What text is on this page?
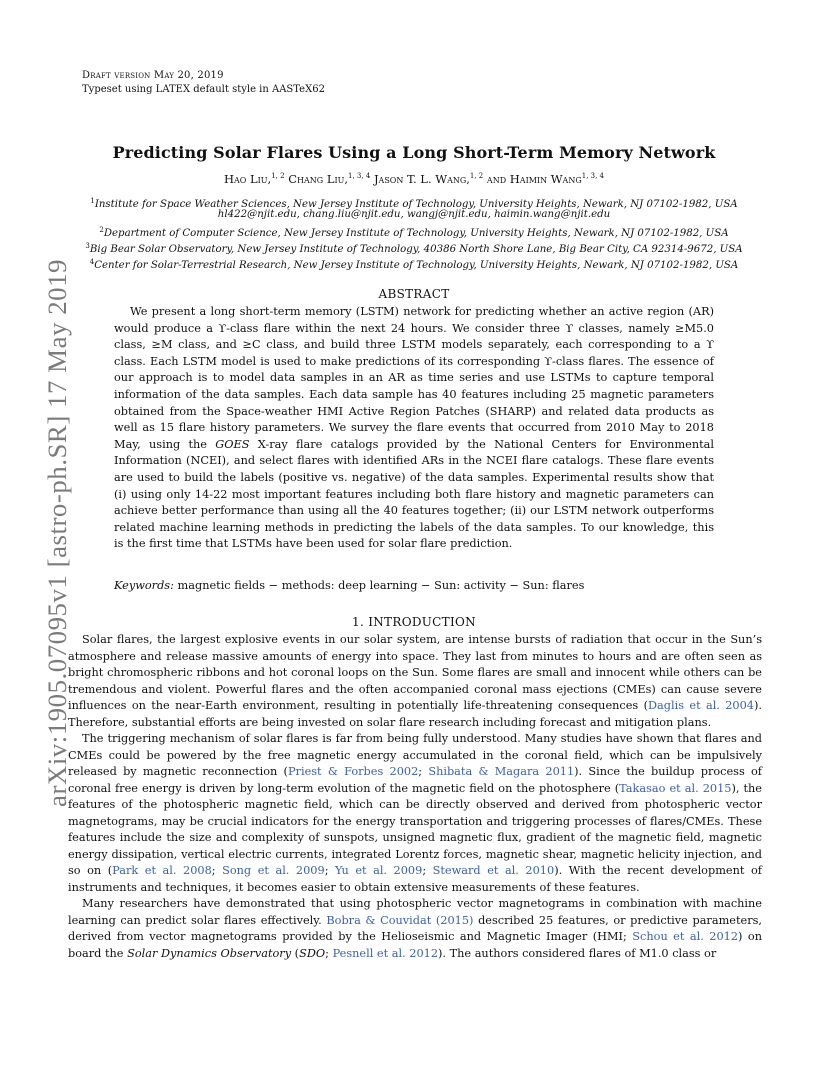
Draft version May 20, 2019
Typeset using LATEX default style in AASTeX62
arXiv:1905.07095v1 [astro-ph.SR] 17 May 2019
Predicting Solar Flares Using a Long Short-Term Memory Network
Hao Liu,$^{1, 2}$ Chang Liu,$^{1, 3, 4}$ Jason T. L. Wang,$^{1, 2}$ and Haimin Wang$^{1, 3, 4}$
$^1$Institute for Space Weather Sciences, New Jersey Institute of Technology, University Heights, Newark, NJ 07102-1982, USA
hl422@njit.edu, chang.liu@njit.edu, wangj@njit.edu, haimin.wang@njit.edu
$^2$Department of Computer Science, New Jersey Institute of Technology, University Heights, Newark, NJ 07102-1982, USA
$^3$Big Bear Solar Observatory, New Jersey Institute of Technology, 40386 North Shore Lane, Big Bear City, CA 92314-9672, USA
$^4$Center for Solar-Terrestrial Research, New Jersey Institute of Technology, University Heights, Newark, NJ 07102-1982, USA
ABSTRACT
We present a long short-term memory (LSTM) network for predicting whether an active region (AR) would produce a ϒ-class flare within the next 24 hours. We consider three ϒ classes, namely ≥M5.0 class, ≥M class, and ≥C class, and build three LSTM models separately, each corresponding to a ϒ class. Each LSTM model is used to make predictions of its corresponding ϒ-class flares. The essence of our approach is to model data samples in an AR as time series and use LSTMs to capture temporal information of the data samples. Each data sample has 40 features including 25 magnetic parameters obtained from the Space-weather HMI Active Region Patches (SHARP) and related data products as well as 15 flare history parameters. We survey the flare events that occurred from 2010 May to 2018 May, using the GOES X-ray flare catalogs provided by the National Centers for Environmental Information (NCEI), and select flares with identified ARs in the NCEI flare catalogs. These flare events are used to build the labels (positive vs. negative) of the data samples. Experimental results show that (i) using only 14-22 most important features including both flare history and magnetic parameters can achieve better performance than using all the 40 features together; (ii) our LSTM network outperforms related machine learning methods in predicting the labels of the data samples. To our knowledge, this is the first time that LSTMs have been used for solar flare prediction.
Keywords: magnetic fields − methods: deep learning − Sun: activity − Sun: flares
1. INTRODUCTION

Solar flares, the largest explosive events in our solar system, are intense bursts of radiation that occur in the Sun’s atmosphere and release massive amounts of energy into space. They last from minutes to hours and are often seen as bright chromospheric ribbons and hot coronal loops on the Sun. Some flares are small and innocent while others can be tremendous and violent. Powerful flares and the often accompanied coronal mass ejections (CMEs) can cause severe influences on the near-Earth environment, resulting in potentially life-threatening consequences (Daglis et al. 2004). Therefore, substantial efforts are being invested on solar flare research including forecast and mitigation plans.

The triggering mechanism of solar flares is far from being fully understood. Many studies have shown that flares and CMEs could be powered by the free magnetic energy accumulated in the coronal field, which can be impulsively released by magnetic reconnection (Priest & Forbes 2002; Shibata & Magara 2011). Since the buildup process of coronal free energy is driven by long-term evolution of the magnetic field on the photosphere (Takasao et al. 2015), the features of the photospheric magnetic field, which can be directly observed and derived from photospheric vector magnetograms, may be crucial indicators for the energy transportation and triggering processes of flares/CMEs. These features include the size and complexity of sunspots, unsigned magnetic flux, gradient of the magnetic field, magnetic energy dissipation, vertical electric currents, integrated Lorentz forces, magnetic shear, magnetic helicity injection, and so on (Park et al. 2008; Song et al. 2009; Yu et al. 2009; Steward et al. 2010). With the recent development of instruments and techniques, it becomes easier to obtain extensive measurements of these features.

Many researchers have demonstrated that using photospheric vector magnetograms in combination with machine learning can predict solar flares effectively. Bobra & Couvidat (2015) described 25 features, or predictive parameters, derived from vector magnetograms provided by the Helioseismic and Magnetic Imager (HMI; Schou et al. 2012) on board the Solar Dynamics Observatory (SDO; Pesnell et al. 2012). The authors considered flares of M1.0 class or
